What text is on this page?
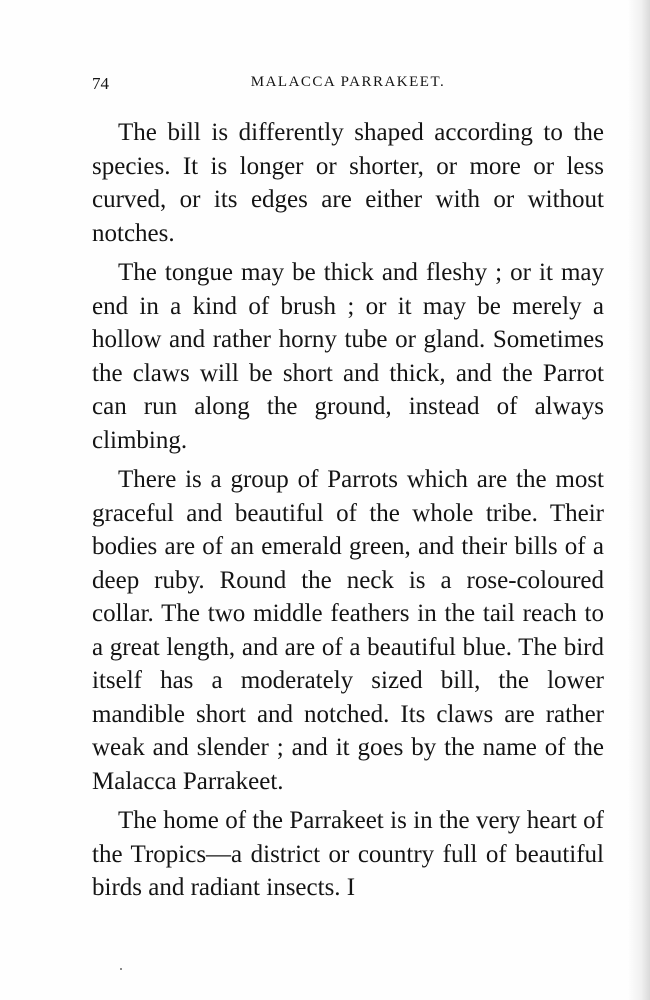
74	MALACCA PARRAKEET.

The bill is differently shaped according to the species. It is longer or shorter, or more or less curved, or its edges are either with or without notches.

The tongue may be thick and fleshy ; or it may end in a kind of brush ; or it may be merely a hollow and rather horny tube or gland. Sometimes the claws will be short and thick, and the Parrot can run along the ground, instead of always climbing.

There is a group of Parrots which are the most graceful and beautiful of the whole tribe. Their bodies are of an emerald green, and their bills of a deep ruby. Round the neck is a rose-coloured collar. The two middle feathers in the tail reach to a great length, and are of a beautiful blue. The bird itself has a moderately sized bill, the lower mandible short and notched. Its claws are rather weak and slender ; and it goes by the name of the Malacca Parrakeet.

The home of the Parrakeet is in the very heart of the Tropics—a district or country full of beautiful birds and radiant insects. I
